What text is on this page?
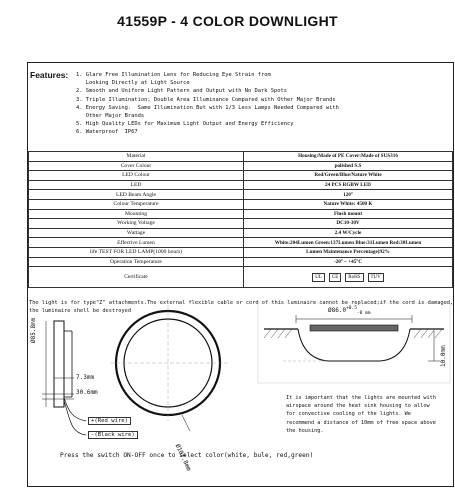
41559P - 4 COLOR DOWNLIGHT
Features: 1. Glare Free Illumination Lens for Reducing Eye Strain from
Looking Directly at Light Source
2. Smooth and Uniform Light Pattern and Output with No Dark Spots
3. Triple Illumination; Double Area Illuminance Compared with Other Major Brands
4. Energy Saving.  Same Illumination But with 1/3 Less Lamps Needed Compared with
Other Major Brands
5. High Quality LEDs for Maximum Light Output and Energy Efficiency
6. Waterproof  IP67
Material	Housing:Made of PE Cover:Made of SUS316
Cover Colour	polished S.S
LED Colour	Red/Green/Blue/Nature White
LED	24 PCS RGBW LED
LED Beam Angle	120°
Colour Temperature	Nature White: 4500 K
Mounting	Flush mount
Working Voltage	DC10-30V
Wattage	2.4 W/Cycle
Effective Lumen	White:204Lumen Green:137Lumen Blue:31Lumen Red:30Lumen
life TEST FOR LED LAMP(1000 hours)	Lumen Maintenance Percentage)92%
Operation Temperature	-20° ~ +45°C
Certificate	UL CE RoHS TUV
The light is for type"Z" attachments.The external flexible cable or cord of this luminaire cannot be replaced;if the cord is damaged, the luminaire shell be destroyed
Ø85.8mm
7.3mm
30.6mm
Ø107.8mm
$Ø86.0^{+0.5}_{-0 mm}$
10.0mm
+(Red wire)
-(Black wire)
It is important that the lights are mounted with airspace around the heat sink housing to allow for convective cooling of the lights. We recommend a distance of 10mm of free space above the housing.
Press the switch ON-OFF once to select color(white, bule, red,green)
